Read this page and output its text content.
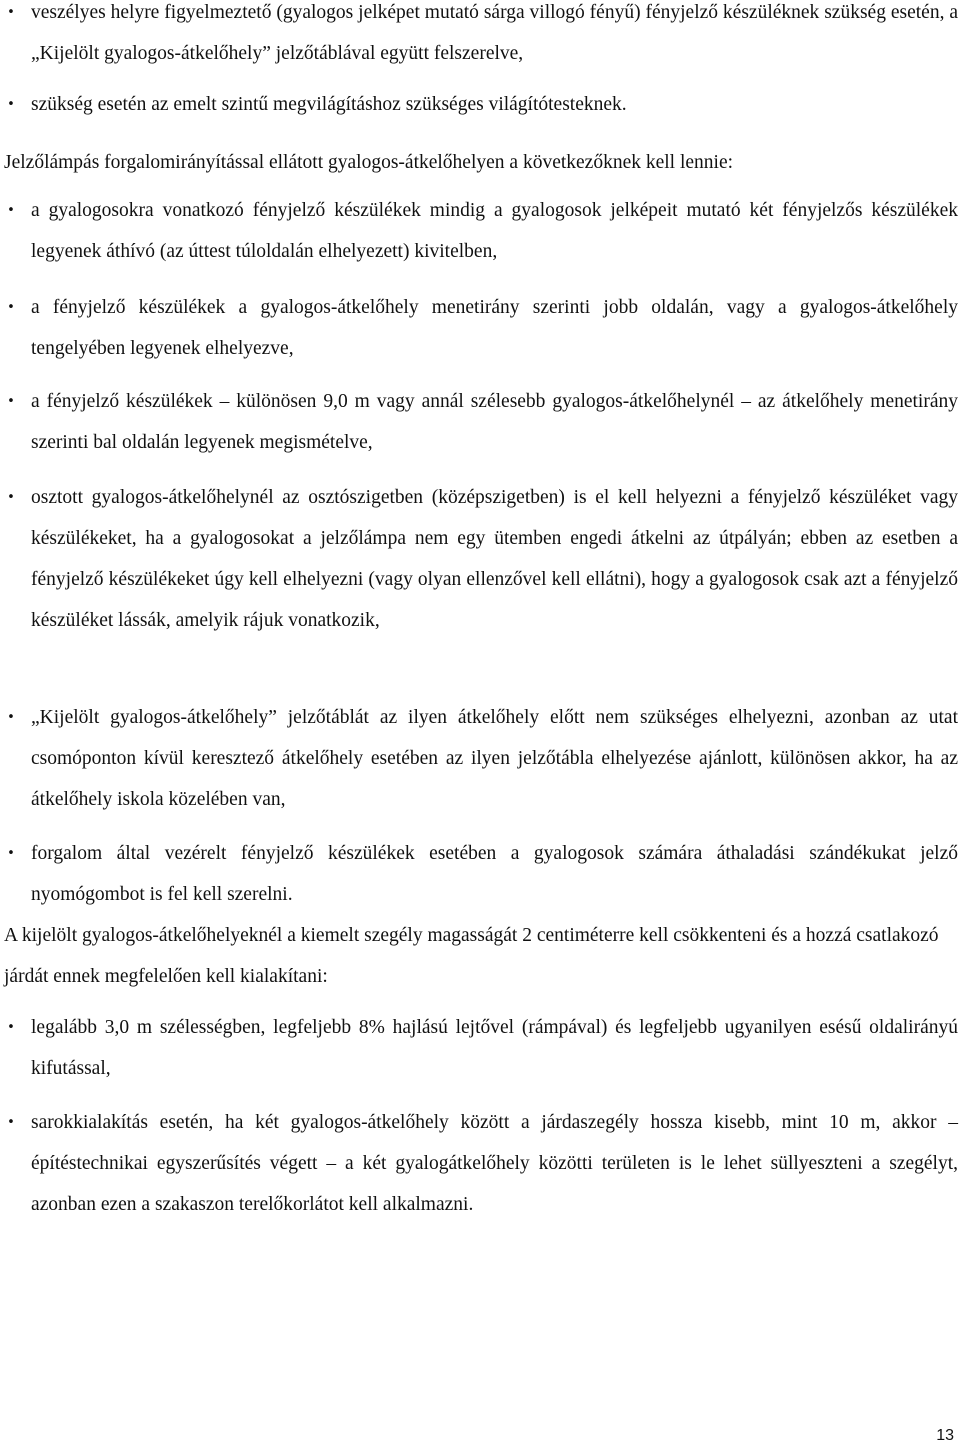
• veszélyes helyre figyelmeztető (gyalogos jelképet mutató sárga villogó fényű) fényjelző készüléknek szükség esetén, a „Kijelölt gyalogos-átkelőhely” jelzőtáblával együtt felszerelve,
• szükség esetén az emelt szintű megvilágításhoz szükséges világítótesteknek.
Jelzőlámpás forgalomirányítással ellátott gyalogos-átkelőhelyen a következőknek kell lennie:
• a gyalogosokra vonatkozó fényjelző készülékek mindig a gyalogosok jelképeit mutató két fényjelzős készülékek legyenek áthívó (az úttest túloldalán elhelyezett) kivitelben,
• a fényjelző készülékek a gyalogos-átkelőhely menetirány szerinti jobb oldalán, vagy a gyalogos-átkelőhely tengelyében legyenek elhelyezve,
• a fényjelző készülékek – különösen 9,0 m vagy annál szélesebb gyalogos-átkelőhelynél – az átkelőhely menetirány szerinti bal oldalán legyenek megismételve,
• osztott gyalogos-átkelőhelynél az osztószigetben (középszigetben) is el kell helyezni a fényjelző készüléket vagy készülékeket, ha a gyalogosokat a jelzőlámpa nem egy ütemben engedi átkelni az útpályán; ebben az esetben a fényjelző készülékeket úgy kell elhelyezni (vagy olyan ellenzővel kell ellátni), hogy a gyalogosok csak azt a fényjelző készüléket lássák, amelyik rájuk vonatkozik,
• „Kijelölt gyalogos-átkelőhely” jelzőtáblát az ilyen átkelőhely előtt nem szükséges elhelyezni, azonban az utat csomóponton kívül keresztező átkelőhely esetében az ilyen jelzőtábla elhelyezése ajánlott, különösen akkor, ha az átkelőhely iskola közelében van,
• forgalom által vezérelt fényjelző készülékek esetében a gyalogosok számára áthaladási szándékukat jelző nyomógombot is fel kell szerelni.
A kijelölt gyalogos-átkelőhelyeknél a kiemelt szegély magasságát 2 centiméterre kell csökkenteni és a hozzá csatlakozó járdát ennek megfelelően kell kialakítani:
• legalább 3,0 m szélességben, legfeljebb 8% hajlású lejtővel (rámpával) és legfeljebb ugyanilyen esésű oldalirányú kifutással,
• sarokkialakítás esetén, ha két gyalogos-átkelőhely között a járdaszegély hossza kisebb, mint 10 m, akkor – építéstechnikai egyszerűsítés végett – a két gyalogátkelőhely közötti területen is le lehet süllyeszteni a szegélyt, azonban ezen a szakaszon terelőkorlátot kell alkalmazni.
13
